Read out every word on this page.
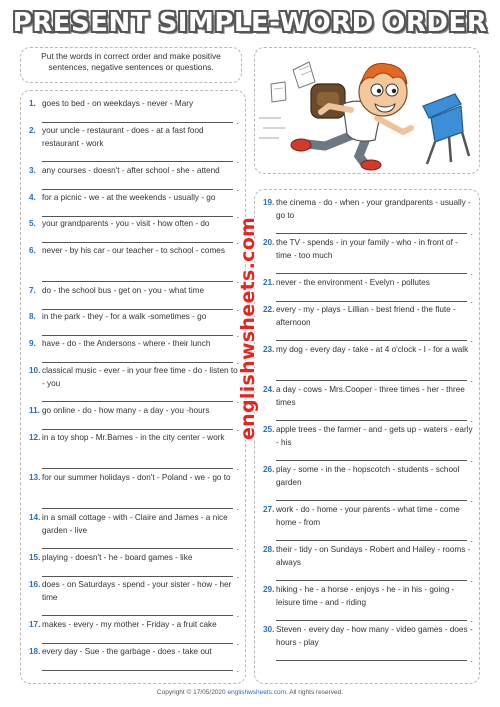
PRESENT SIMPLE-WORD ORDER
Put the words in correct order and make positive sentences, negative sentences or questions.
1. goes to bed - on weekdays - never - Mary
.
2. your uncle - restaurant - does - at a fast food restaurant - work
.
3. any courses - doesn't - after school - she - attend
.
4. for a picnic - we - at the weekends - usually - go
.
5. your grandparents - you - visit - how often - do
.
6. never - by his car - our teacher - to school - comes
.
7. do - the school bus - get on - you - what time
.
8. in the park - they - for a walk -sometimes - go
.
9. have - do - the Andersons - where - their lunch
.
10. classical music - ever - in your free time - do - listen to - you
.
11. go online - do - how many - a day - you -hours
.
12. in a toy shop - Mr.Barnes - in the city center - work
.
13. for our summer holidays - don't - Poland - we - go to
.
14. in a small cottage - with - Claire and James - a nice garden - live
.
15. playing - doesn't - he - board games - like
.
16. does - on Saturdays - spend - your sister - how - her time
.
17. makes - every - my mother - Friday - a fruit cake
.
18. every day - Sue - the garbage - does - take out
.
19. the cinema - do - when - your grandparents - usually - go to
.
20. the TV - spends - in your family - who - in front of - time - too much
.
21. never - the environment - Evelyn - pollutes
.
22. every - my - plays - Lillian - best friend - the flute - afternoon
.
23. my dog - every day - take - at 4 o'clock - I - for a walk
.
24. a day - cows - Mrs.Cooper - three times - her - three times
.
25. apple trees - the farmer - and - gets up - waters - early - his
.
26. play - some - in the - hopscotch - students - school garden
.
27. work - do - home - your parents - what time - come home - from
.
28. their - tidy - on Sundays - Robert and Hailey - rooms - always
.
29. hiking - he - a horse - enjoys - he - in his - going - leisure time - and - riding
.
30. Steven - every day - how many - video games - does - hours - play
.
englishwsheets.com
Copyright © 17/05/2020 englishwsheets.com. All rights reserved.
